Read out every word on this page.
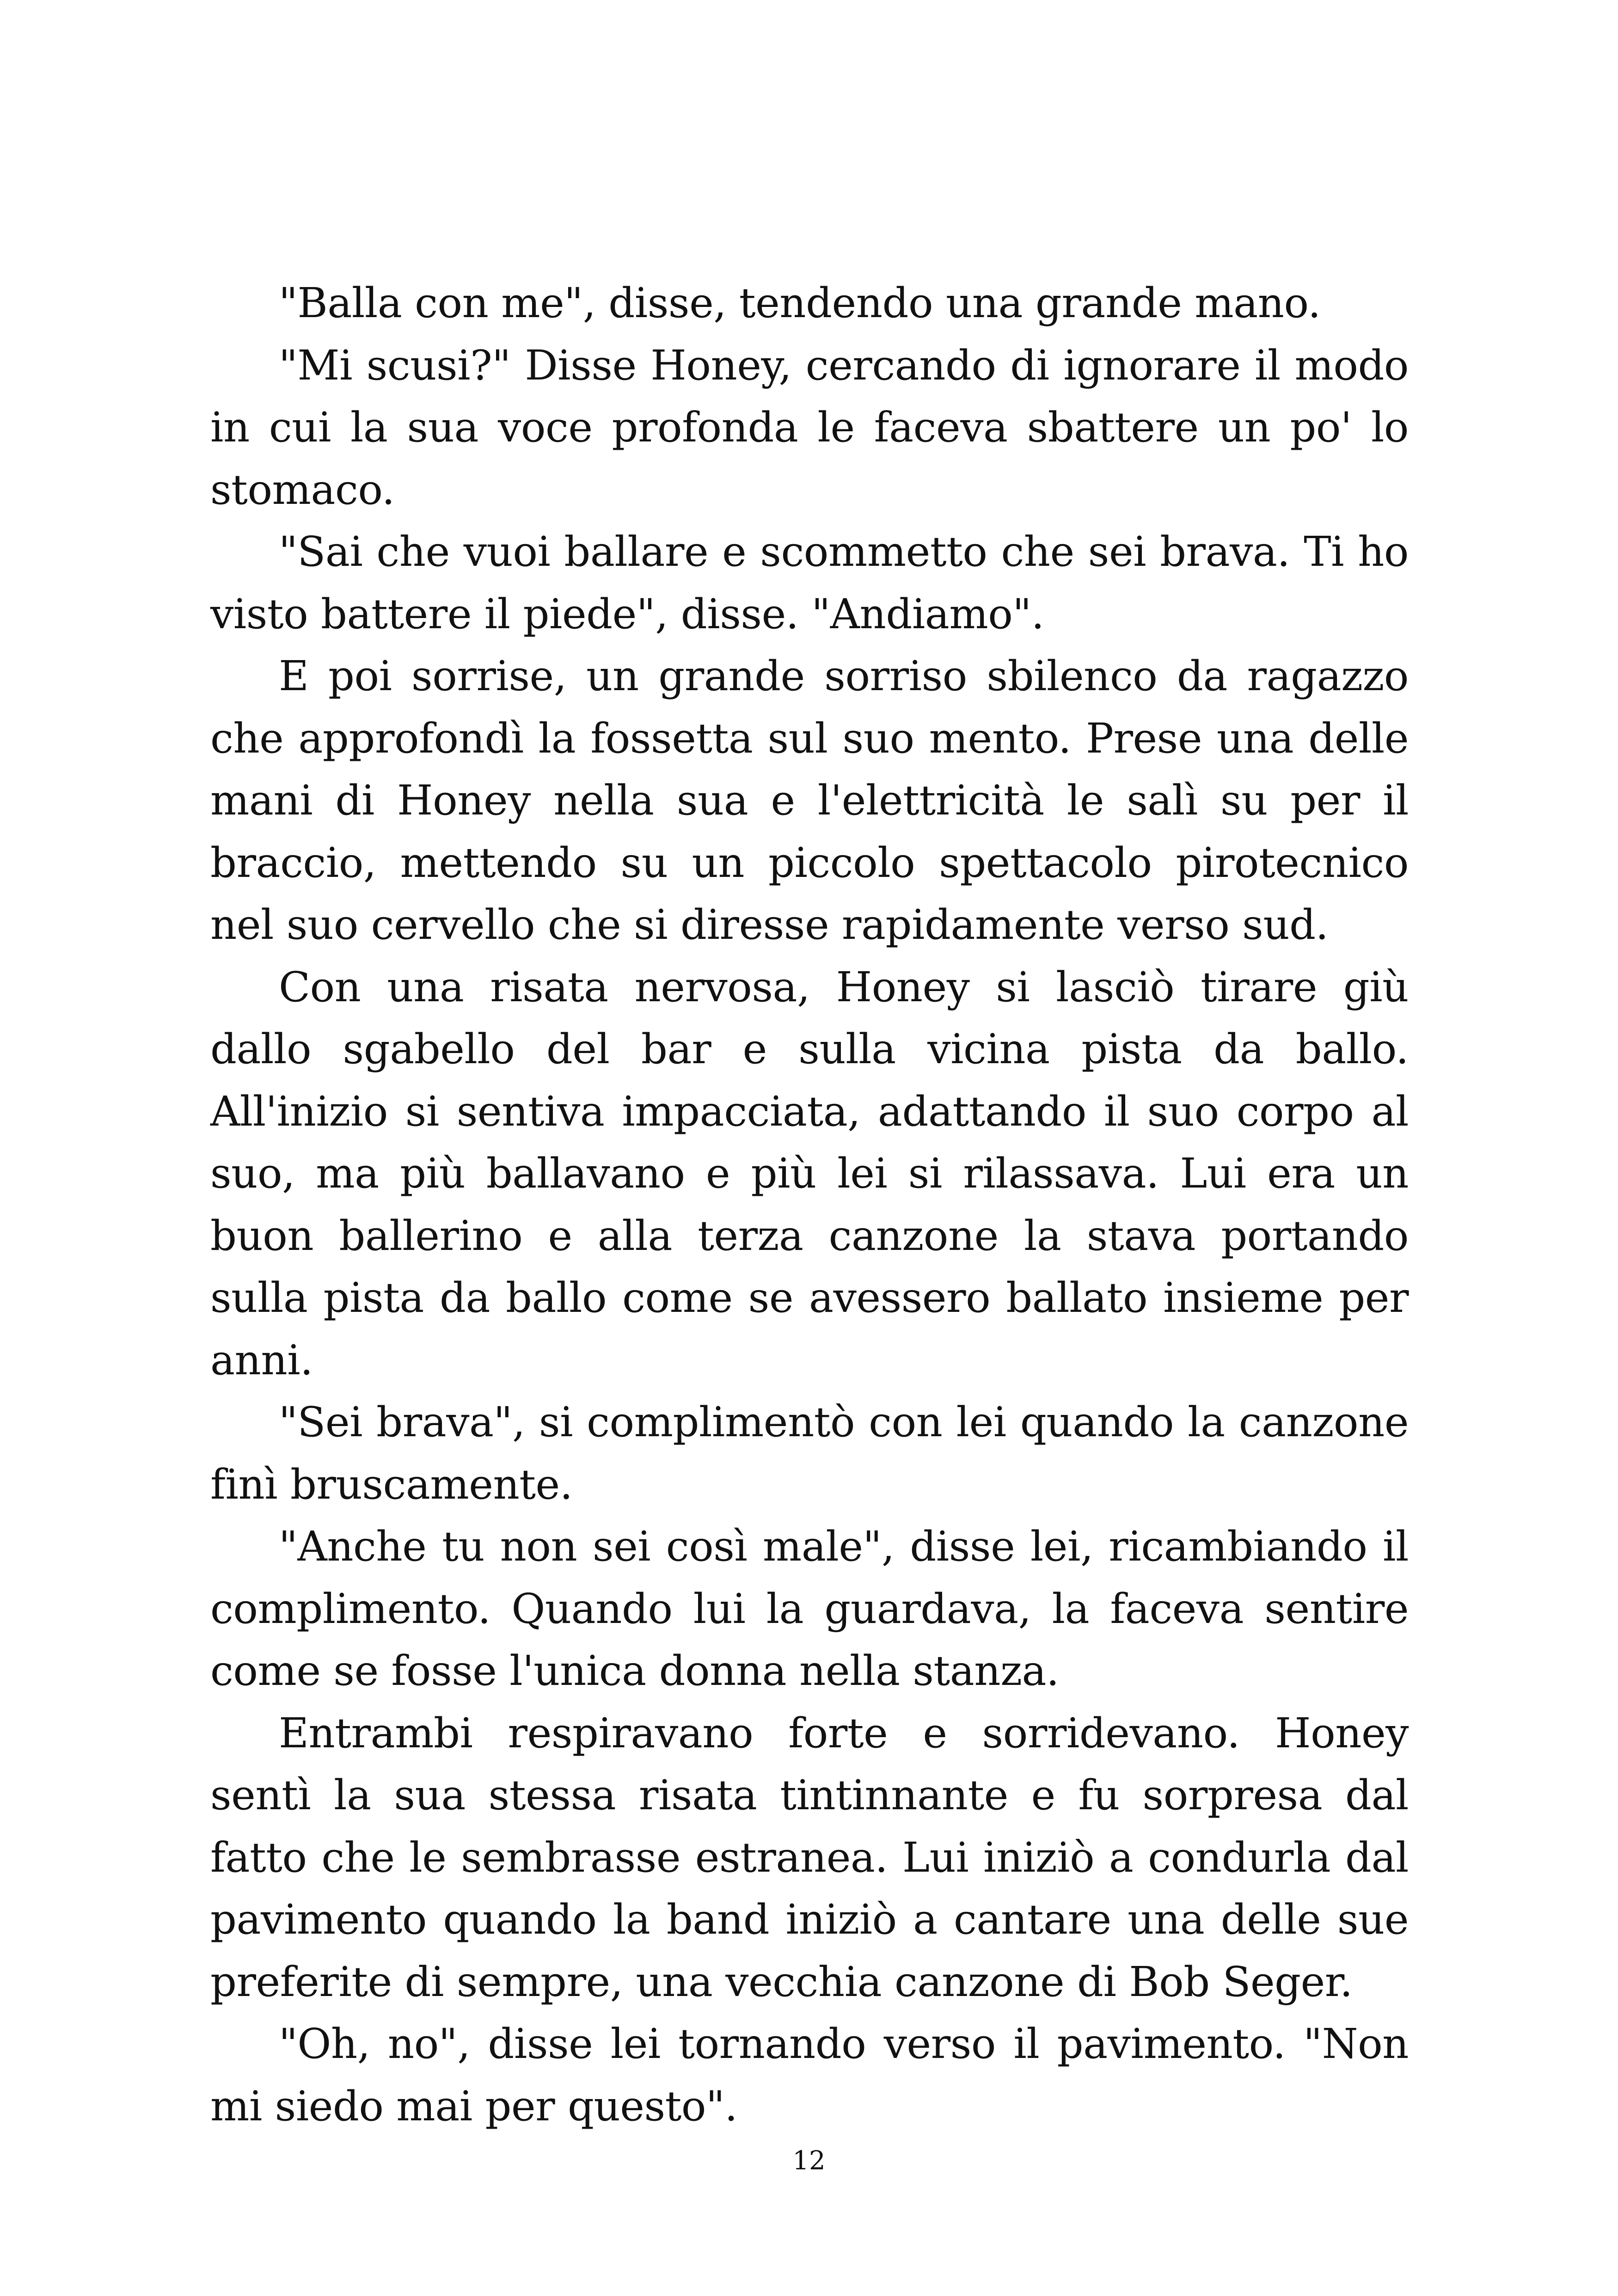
"Balla con me", disse, tendendo una grande mano.

"Mi scusi?" Disse Honey, cercando di ignorare il modo in cui la sua voce profonda le faceva sbattere un po' lo stomaco.

"Sai che vuoi ballare e scommetto che sei brava. Ti ho visto battere il piede", disse. "Andiamo".

E poi sorrise, un grande sorriso sbilenco da ragazzo che approfondì la fossetta sul suo mento. Prese una delle mani di Honey nella sua e l'elettricità le salì su per il braccio, mettendo su un piccolo spettacolo pirotecnico nel suo cervello che si diresse rapidamente verso sud.

Con una risata nervosa, Honey si lasciò tirare giù dallo sgabello del bar e sulla vicina pista da ballo. All'inizio si sentiva impacciata, adattando il suo corpo al suo, ma più ballavano e più lei si rilassava. Lui era un buon ballerino e alla terza canzone la stava portando sulla pista da ballo come se avessero ballato insieme per anni.

"Sei brava", si complimentò con lei quando la canzone finì bruscamente.

"Anche tu non sei così male", disse lei, ricambiando il complimento. Quando lui la guardava, la faceva sentire come se fosse l'unica donna nella stanza.

Entrambi respiravano forte e sorridevano. Honey sentì la sua stessa risata tintinnante e fu sorpresa dal fatto che le sembrasse estranea. Lui iniziò a condurla dal pavimento quando la band iniziò a cantare una delle sue preferite di sempre, una vecchia canzone di Bob Seger.

"Oh, no", disse lei tornando verso il pavimento. "Non mi siedo mai per questo".

12
